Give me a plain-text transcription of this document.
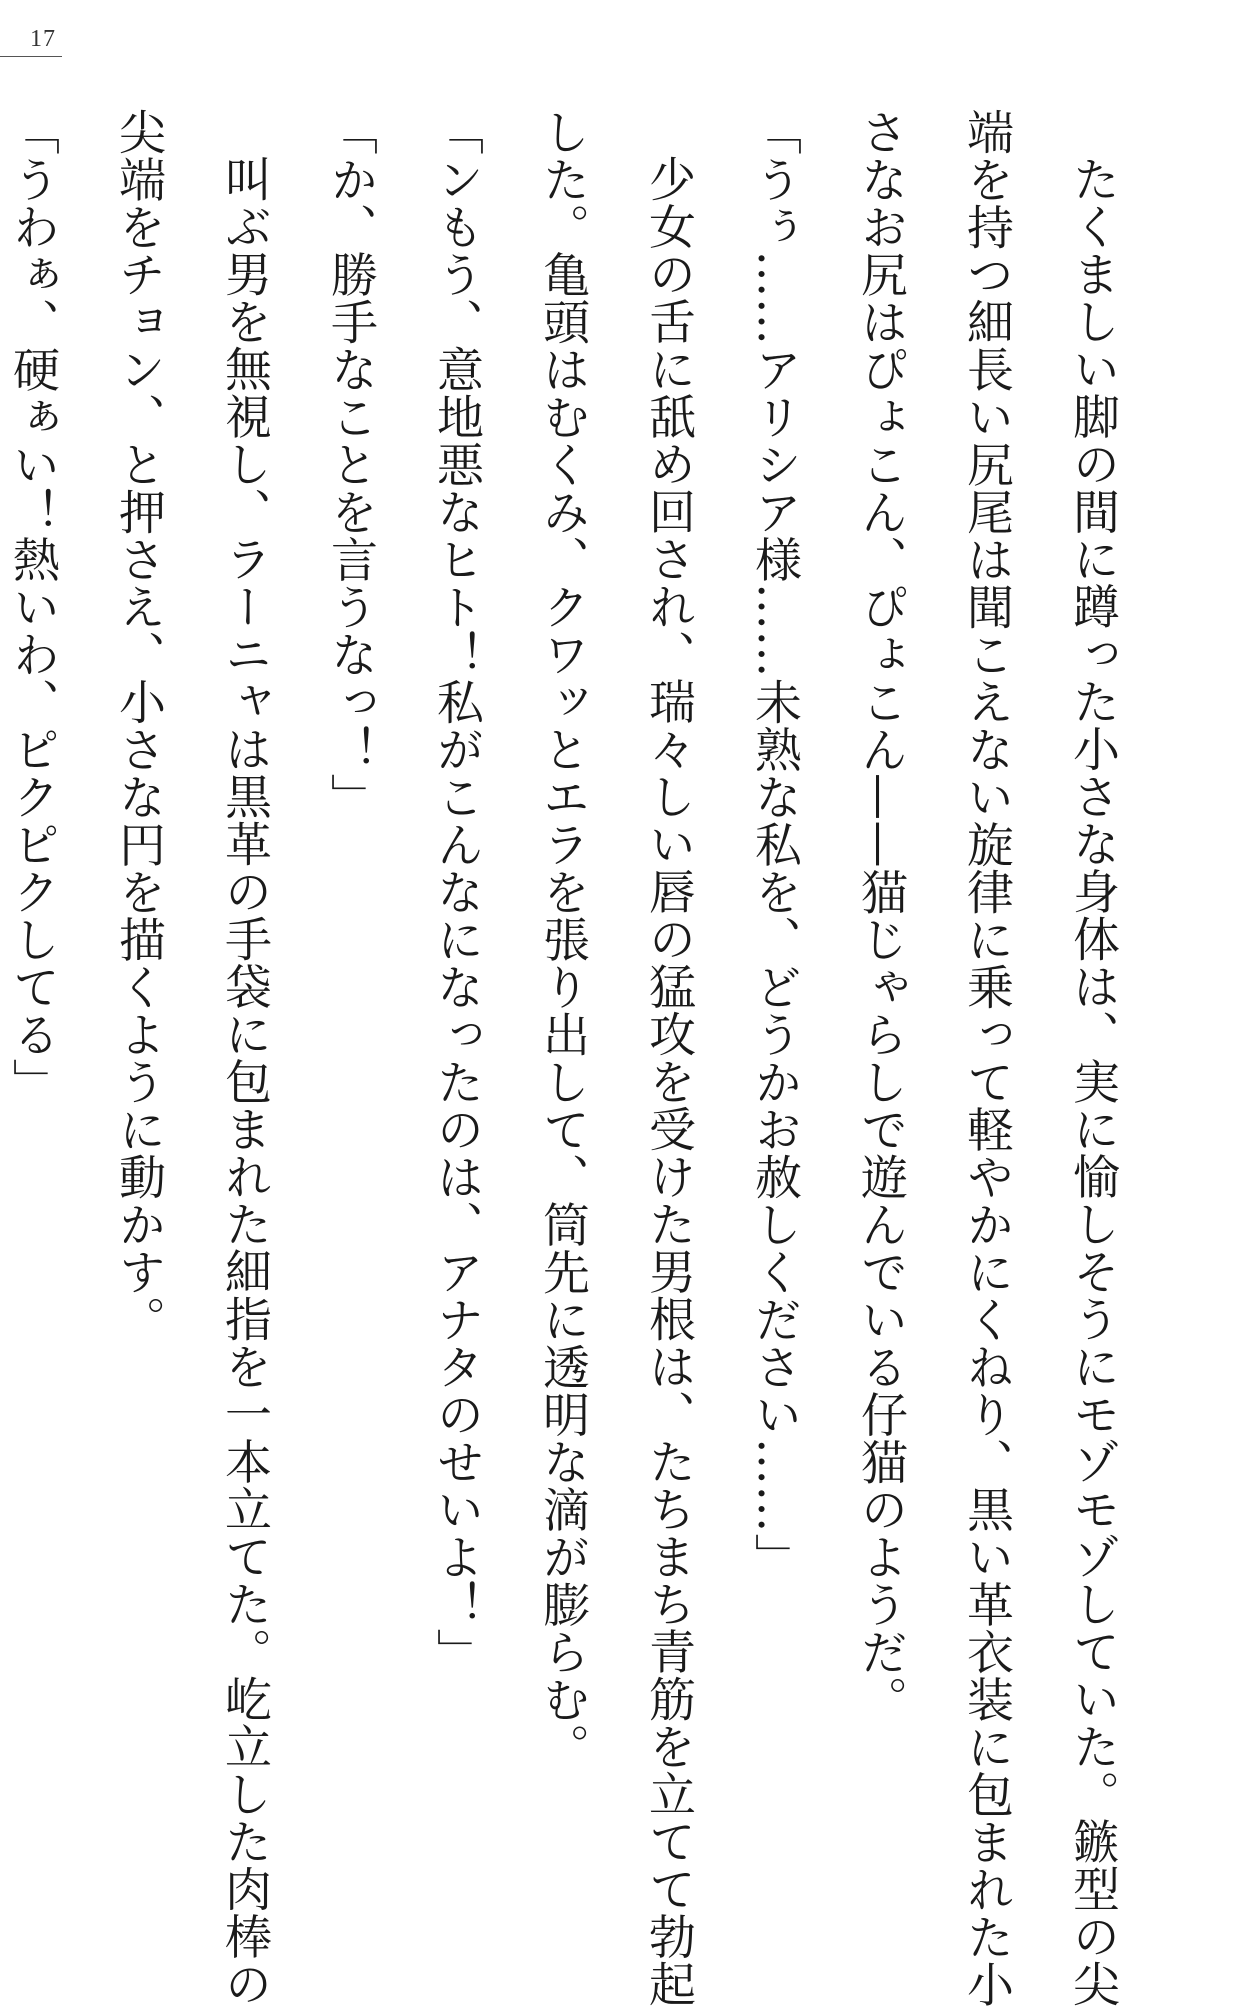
17
たくましい脚の間に蹲った小さな身体は、実に愉しそうにモゾモゾしていた。鏃型の尖
端を持つ細長い尻尾は聞こえない旋律に乗って軽やかにくねり、黒い革衣装に包まれた小
さなお尻はぴょこん、ぴょこん——猫じゃらしで遊んでいる仔猫のようだ。
「うぅ……アリシア様……未熟な私を、どうかお赦しください……」
少女の舌に舐め回され、瑞々しい唇の猛攻を受けた男根は、たちまち青筋を立てて勃起
した。亀頭はむくみ、クワッとエラを張り出して、筒先に透明な滴が膨らむ。
「ンもう、意地悪なヒト！私がこんなになったのは、アナタのせいよ！」
「か、勝手なことを言うなっ！」
叫ぶ男を無視し、ラーニャは黒革の手袋に包まれた細指を一本立てた。屹立した肉棒の
尖端をチョン、と押さえ、小さな円を描くように動かす。
「うわぁ、硬ぁい！熱いわ、ピクピクしてる」
